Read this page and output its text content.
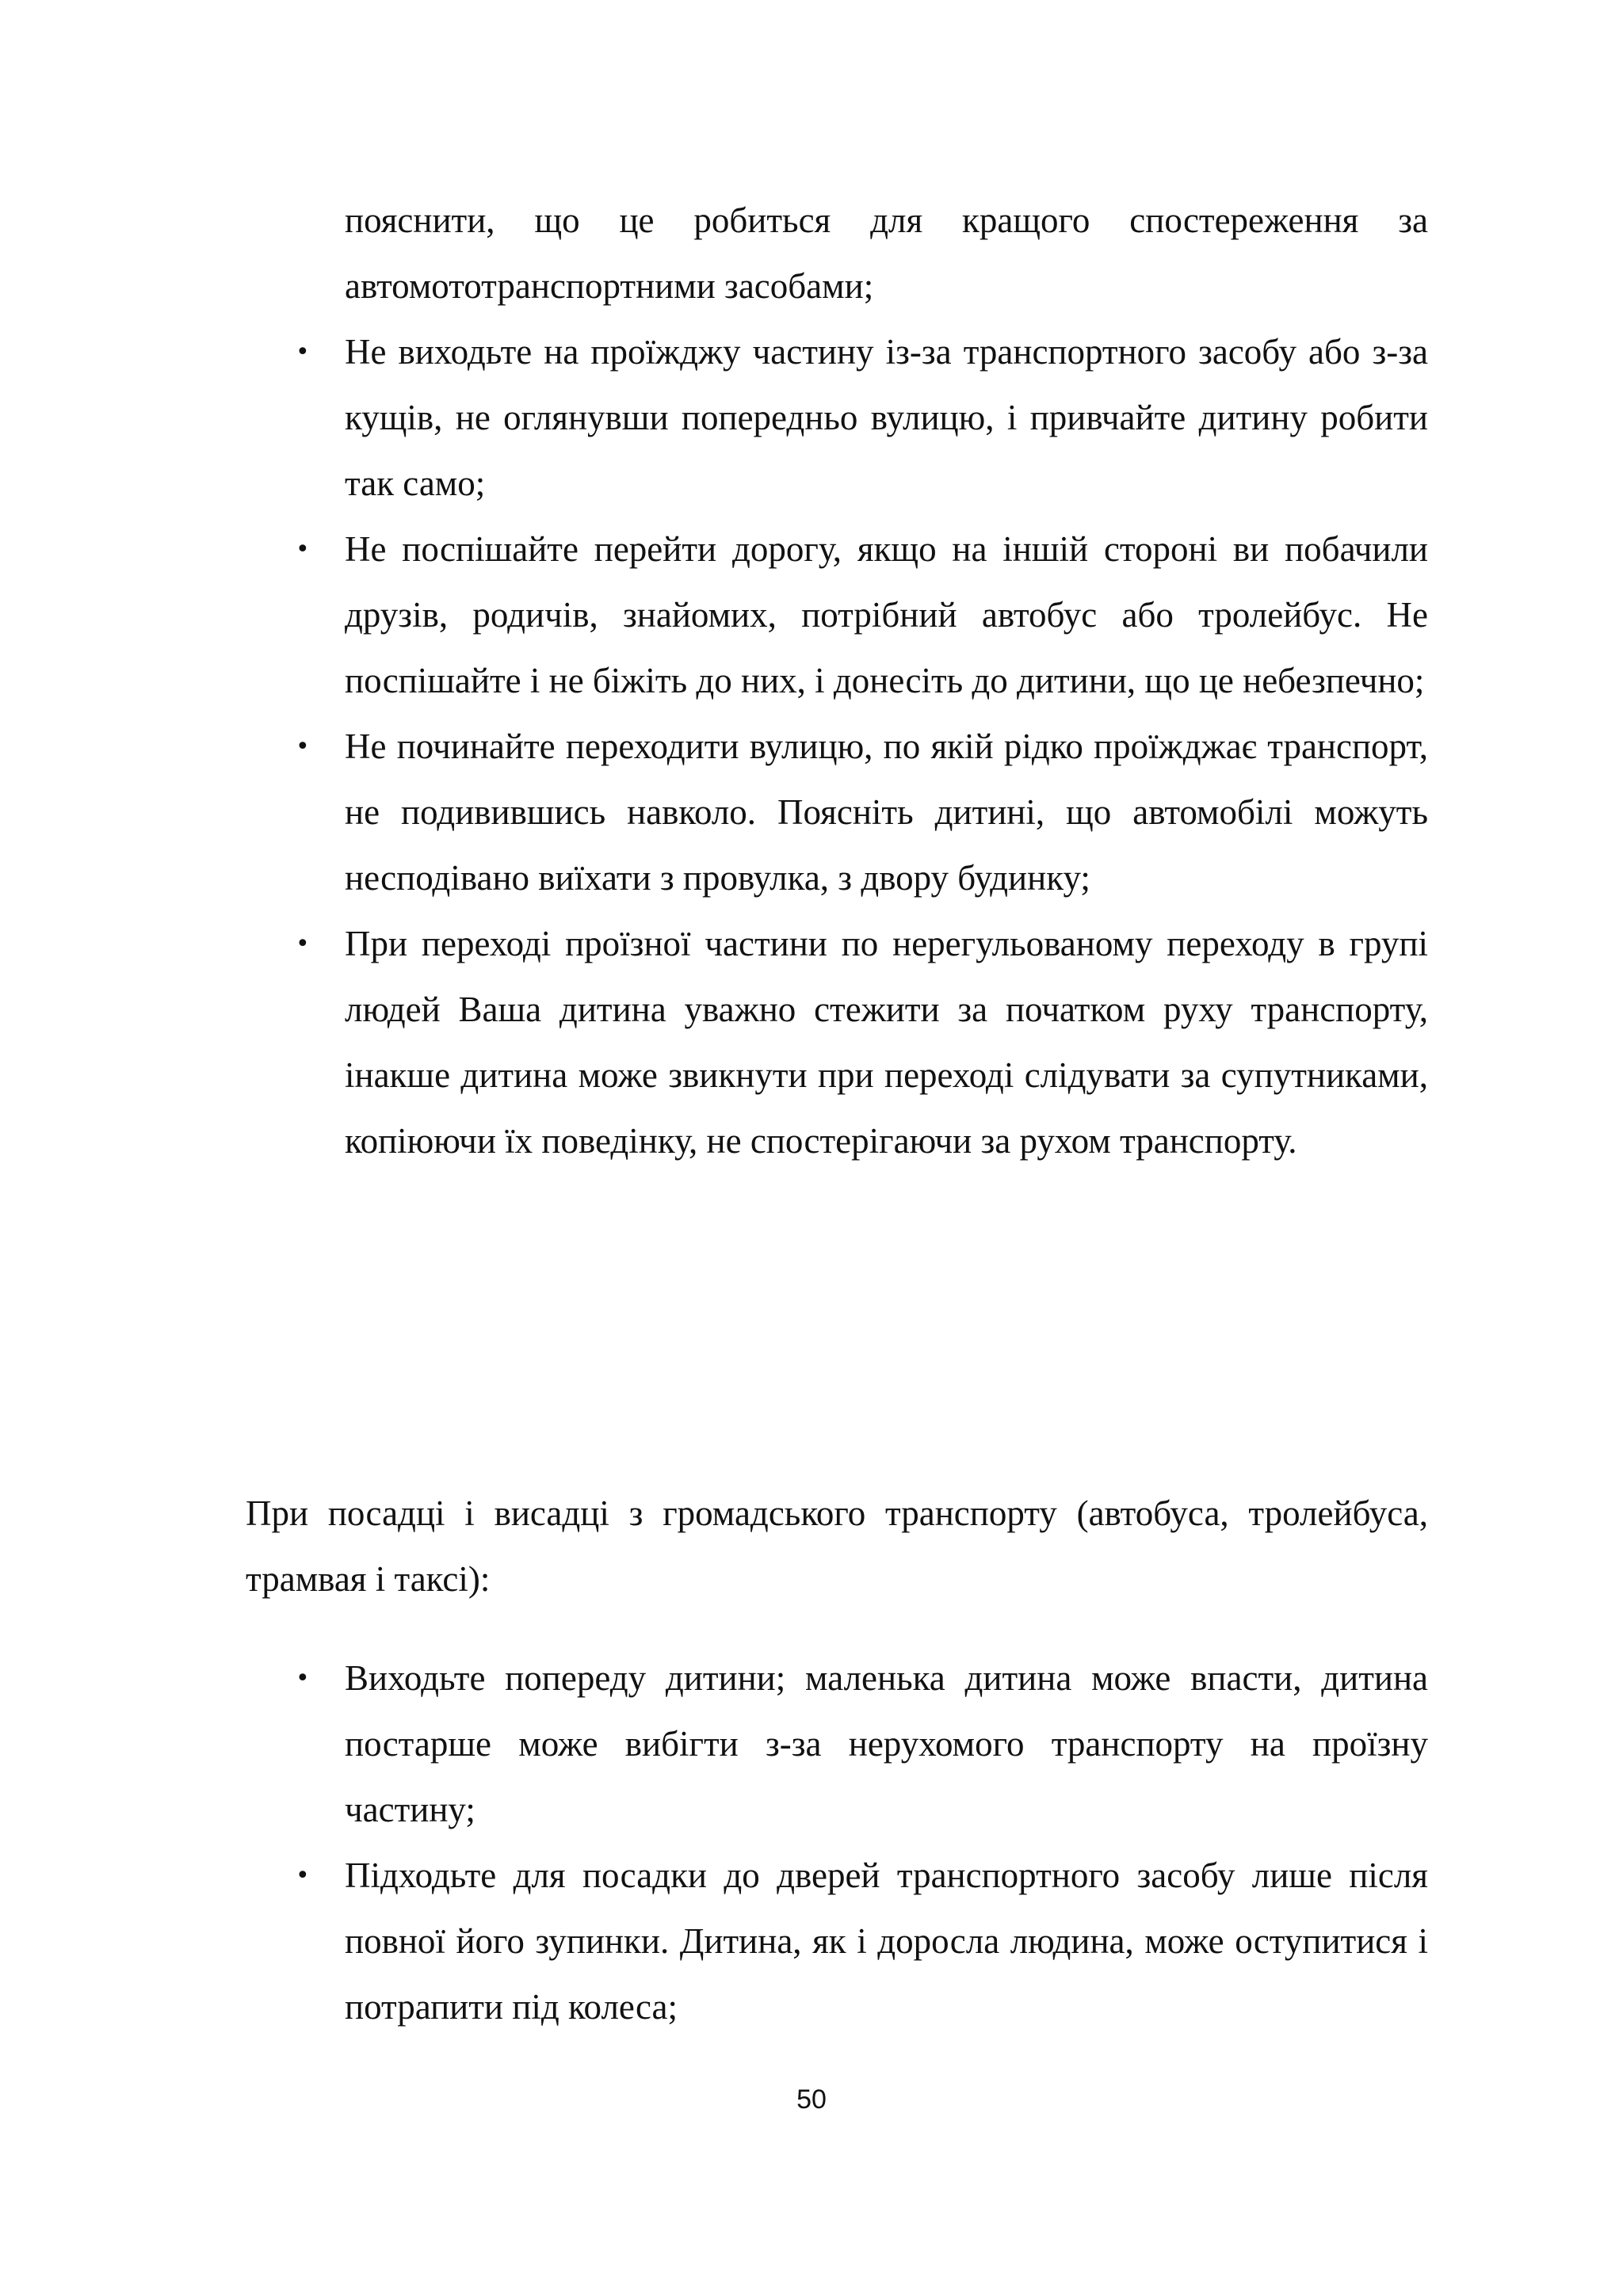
пояснити, що це робиться для кращого спостереження за автомототранспортними засобами;
• Не виходьте на проїжджу частину із-за транспортного засобу або з-за кущів, не оглянувши попередньо вулицю, і привчайте дитину робити так само;
• Не поспішайте перейти дорогу, якщо на іншій стороні ви побачили друзів, родичів, знайомих, потрібний автобус або тролейбус. Не поспішайте і не біжіть до них, і донесіть до дитини, що це небезпечно;
• Не починайте переходити вулицю, по якій рідко проїжджає транспорт, не подивившись навколо. Поясніть дитині, що автомобілі можуть несподівано виїхати з провулка, з двору будинку;
• При переході проїзної частини по нерегульованому переходу в групі людей Ваша дитина уважно стежити за початком руху транспорту, інакше дитина може звикнути при переході слідувати за супутниками, копіюючи їх поведінку, не спостерігаючи за рухом транспорту.

При посадці і висадці з громадського транспорту (автобуса, тролейбуса, трамвая і таксі):

• Виходьте попереду дитини; маленька дитина може впасти, дитина постарше може вибігти з-за нерухомого транспорту на проїзну частину;
• Підходьте для посадки до дверей транспортного засобу лише після повної його зупинки. Дитина, як і доросла людина, може оступитися і потрапити під колеса;
50
